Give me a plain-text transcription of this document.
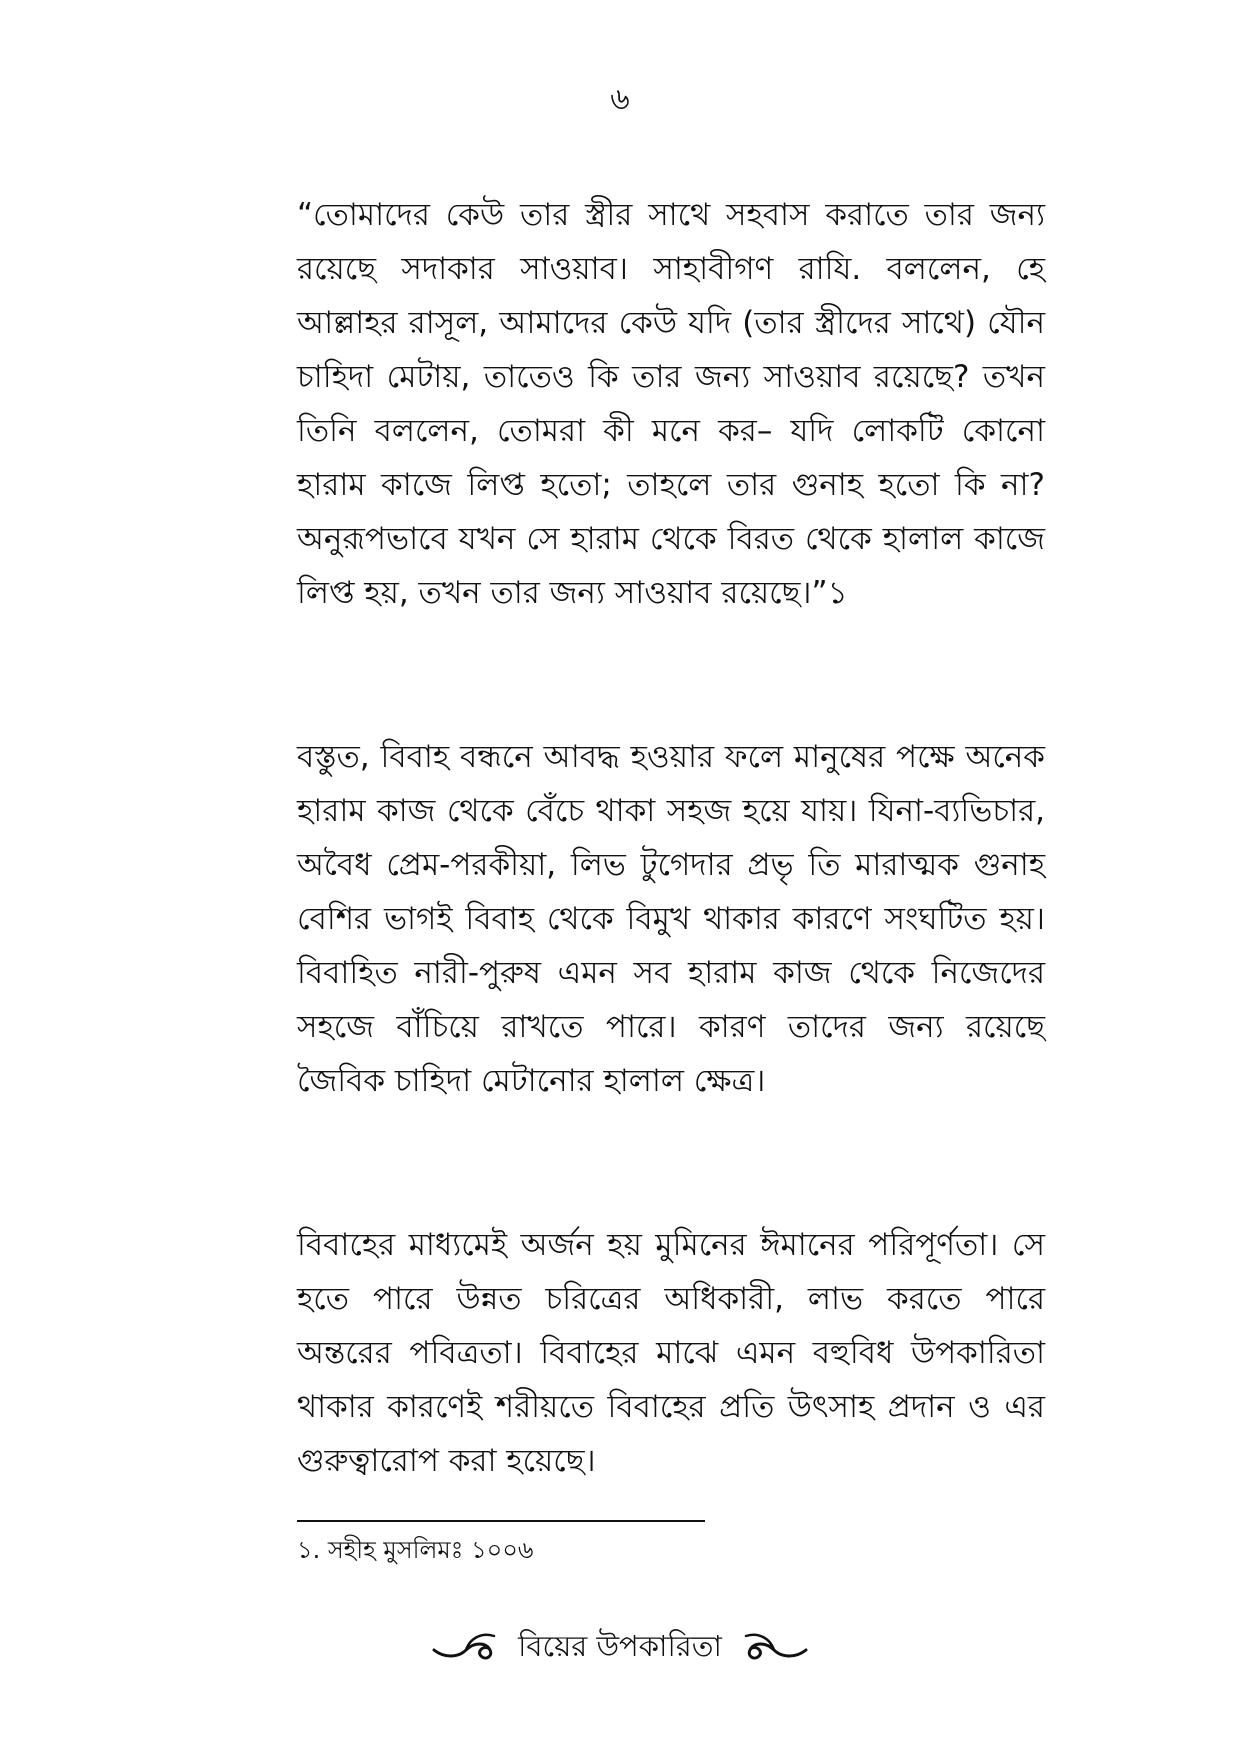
৬

“তোমাদের কেউ তার স্ত্রীর সাথে সহবাস করাতে তার জন্য রয়েছে সদাকার সাওয়াব। সাহাবীগণ রাযি. বললেন, হে আল্লাহর রাসূল, আমাদের কেউ যদি (তার স্ত্রীদের সাথে) যৌন চাহিদা মেটায়, তাতেও কি তার জন্য সাওয়াব রয়েছে? তখন তিনি বললেন, তোমরা কী মনে কর– যদি লোকটি কোনো হারাম কাজে লিপ্ত হতো; তাহলে তার গুনাহ হতো কি না? অনুরূপভাবে যখন সে হারাম থেকে বিরত থেকে হালাল কাজে লিপ্ত হয়, তখন তার জন্য সাওয়াব রয়েছে।”১

বস্তুত, বিবাহ বন্ধনে আবদ্ধ হওয়ার ফলে মানুষের পক্ষে অনেক হারাম কাজ থেকে বেঁচে থাকা সহজ হয়ে যায়। যিনা-ব্যভিচার, অবৈধ প্রেম-পরকীয়া, লিভ টুগেদার প্রভৃ তি মারাত্মক গুনাহ বেশির ভাগই বিবাহ থেকে বিমুখ থাকার কারণে সংঘটিত হয়। বিবাহিত নারী-পুরুষ এমন সব হারাম কাজ থেকে নিজেদের সহজে বাঁচিয়ে রাখতে পারে। কারণ তাদের জন্য রয়েছে জৈবিক চাহিদা মেটানোর হালাল ক্ষেত্র।

বিবাহের মাধ্যমেই অর্জন হয় মুমিনের ঈমানের পরিপূর্ণতা। সে হতে পারে উন্নত চরিত্রের অধিকারী, লাভ করতে পারে অন্তরের পবিত্রতা। বিবাহের মাঝে এমন বহুবিধ উপকারিতা থাকার কারণেই শরীয়তে বিবাহের প্রতি উৎসাহ প্রদান ও এর গুরুত্বারোপ করা হয়েছে।

১. সহীহ মুসলিমঃ ১০০৬
বিয়ের উপকারিতা
